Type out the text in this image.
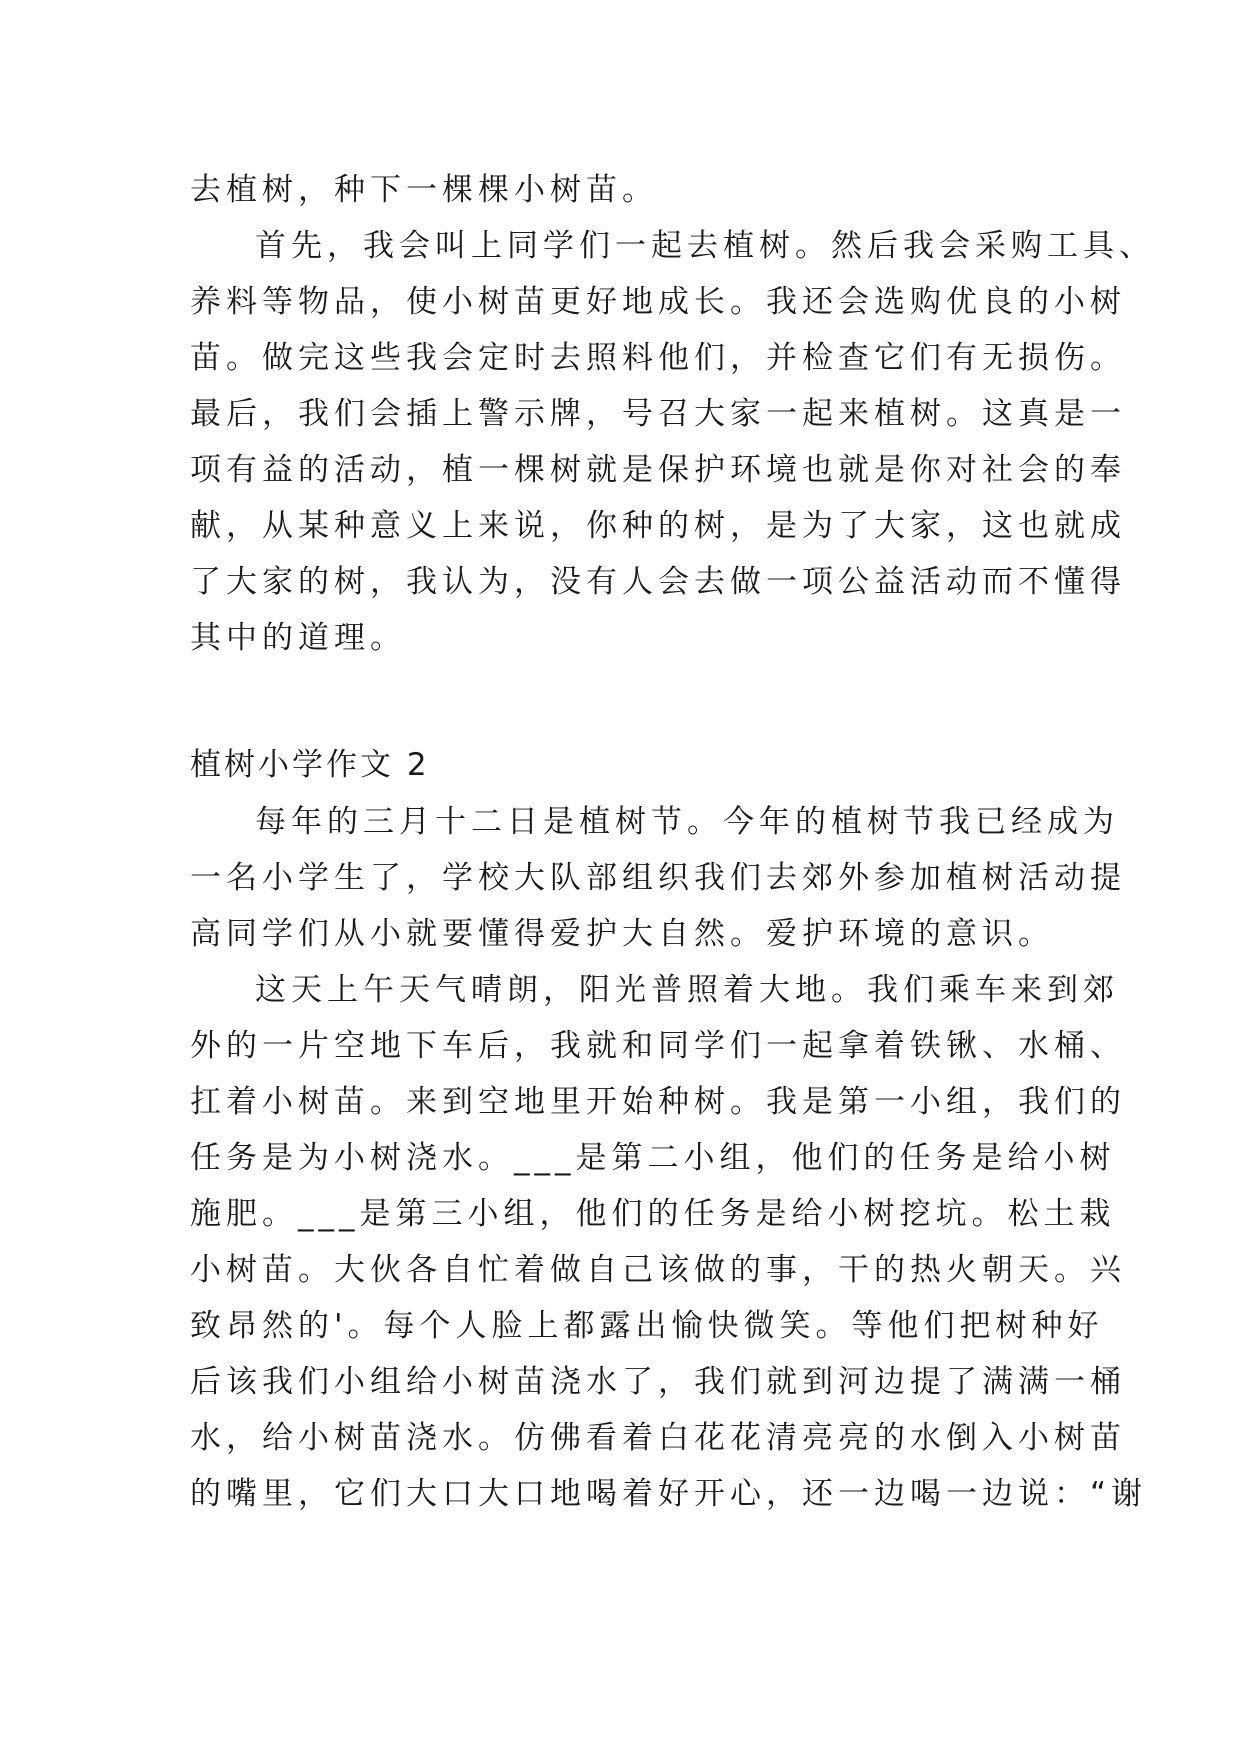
去植树，种下一棵棵小树苗。
首先，我会叫上同学们一起去植树。然后我会采购工具、
养料等物品，使小树苗更好地成长。我还会选购优良的小树
苗。做完这些我会定时去照料他们，并检查它们有无损伤。
最后，我们会插上警示牌，号召大家一起来植树。这真是一
项有益的活动，植一棵树就是保护环境也就是你对社会的奉
献，从某种意义上来说，你种的树，是为了大家，这也就成
了大家的树，我认为，没有人会去做一项公益活动而不懂得
其中的道理。
植树小学作文 2
每年的三月十二日是植树节。今年的植树节我已经成为
一名小学生了，学校大队部组织我们去郊外参加植树活动提
高同学们从小就要懂得爱护大自然。爱护环境的意识。
这天上午天气晴朗，阳光普照着大地。我们乘车来到郊
外的一片空地下车后，我就和同学们一起拿着铁锹、水桶、
扛着小树苗。来到空地里开始种树。我是第一小组，我们的
任务是为小树浇水。___是第二小组，他们的任务是给小树
施肥。___是第三小组，他们的任务是给小树挖坑。松土栽
小树苗。大伙各自忙着做自己该做的事，干的热火朝天。兴
致昂然的'。每个人脸上都露出愉快微笑。等他们把树种好
后该我们小组给小树苗浇水了，我们就到河边提了满满一桶
水，给小树苗浇水。仿佛看着白花花清亮亮的水倒入小树苗
的嘴里，它们大口大口地喝着好开心，还一边喝一边说：“谢
